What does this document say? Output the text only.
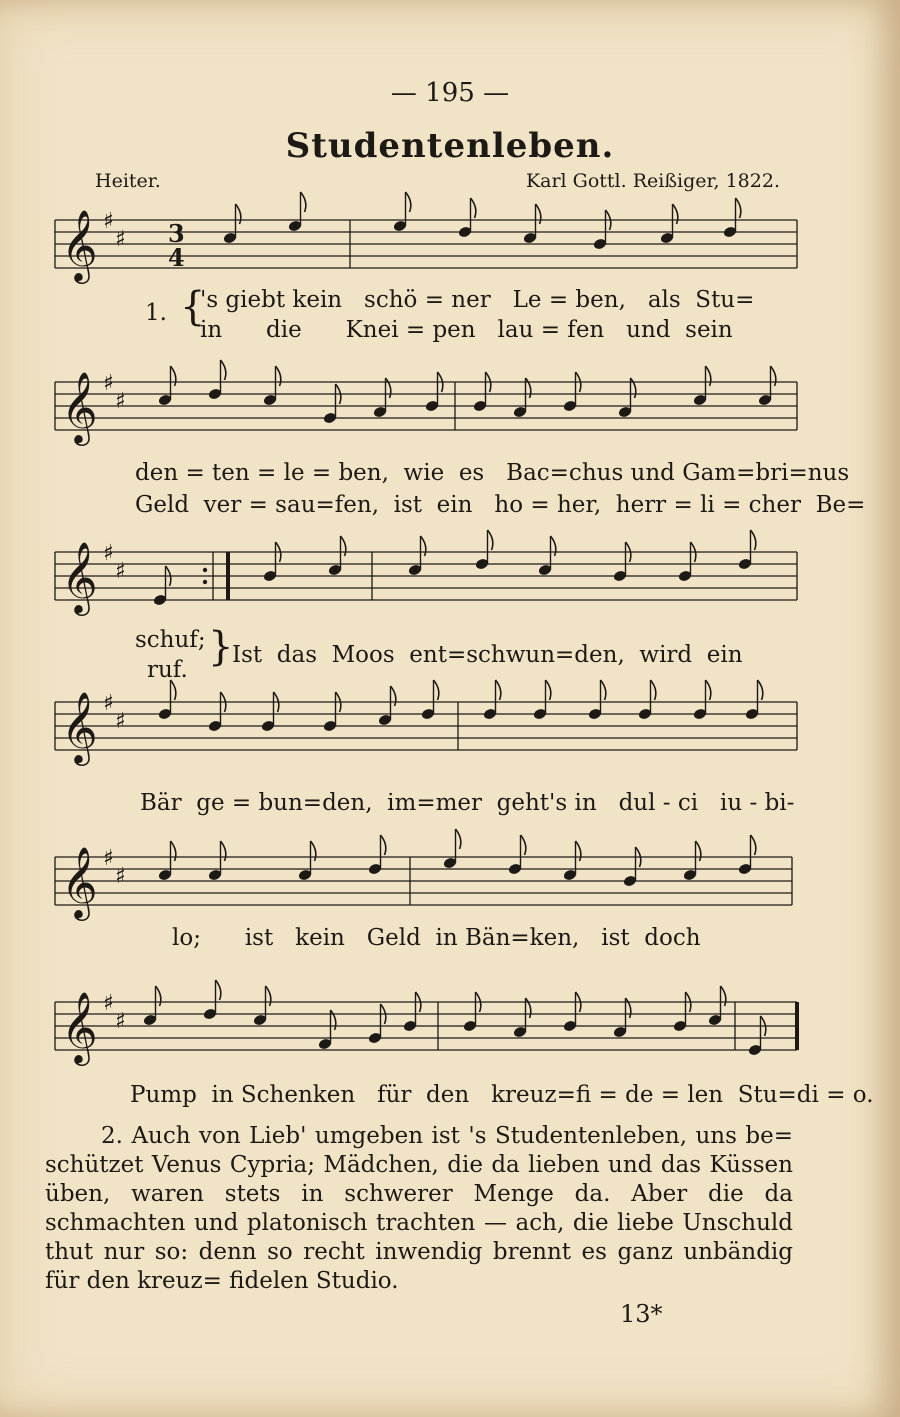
— 195 —
Studentenleben.
Heiter.	Karl Gottl. Reißiger, 1822.
𝄞 ♯
♯ 3
4
𝄞 ♯
♯
𝄞 ♯
♯
𝄞 ♯
♯
𝄞 ♯
♯
𝄞 ♯
♯
1. {
's giebt kein   schö = ner   Le = ben,   als  Stu=
in      die      Knei = pen   lau = fen   und  sein
den = ten = le = ben,  wie  es   Bac=chus und Gam=bri=nus
Geld  ver = sau=fen,  ist  ein   ho = her,  herr = li = cher  Be=
schuf;
ruf. }
Ist  das  Moos  ent=schwun=den,  wird  ein
Bär  ge = bun=den,  im=mer  geht's in   dul - ci   iu - bi-
lo;      ist   kein   Geld  in Bän=ken,   ist  doch
Pump  in Schenken   für  den   kreuz=fi = de = len  Stu=di = o.
2. Auch von Lieb' umgeben ist 's Studentenleben, uns be= schützet Venus Cypria; Mädchen, die da lieben und das Küssen üben, waren stets in schwerer Menge da. Aber die da schmachten und platonisch trachten — ach, die liebe Unschuld thut nur so: denn so recht inwendig brennt es ganz unbändig für den kreuz= fidelen Studio.
13*
